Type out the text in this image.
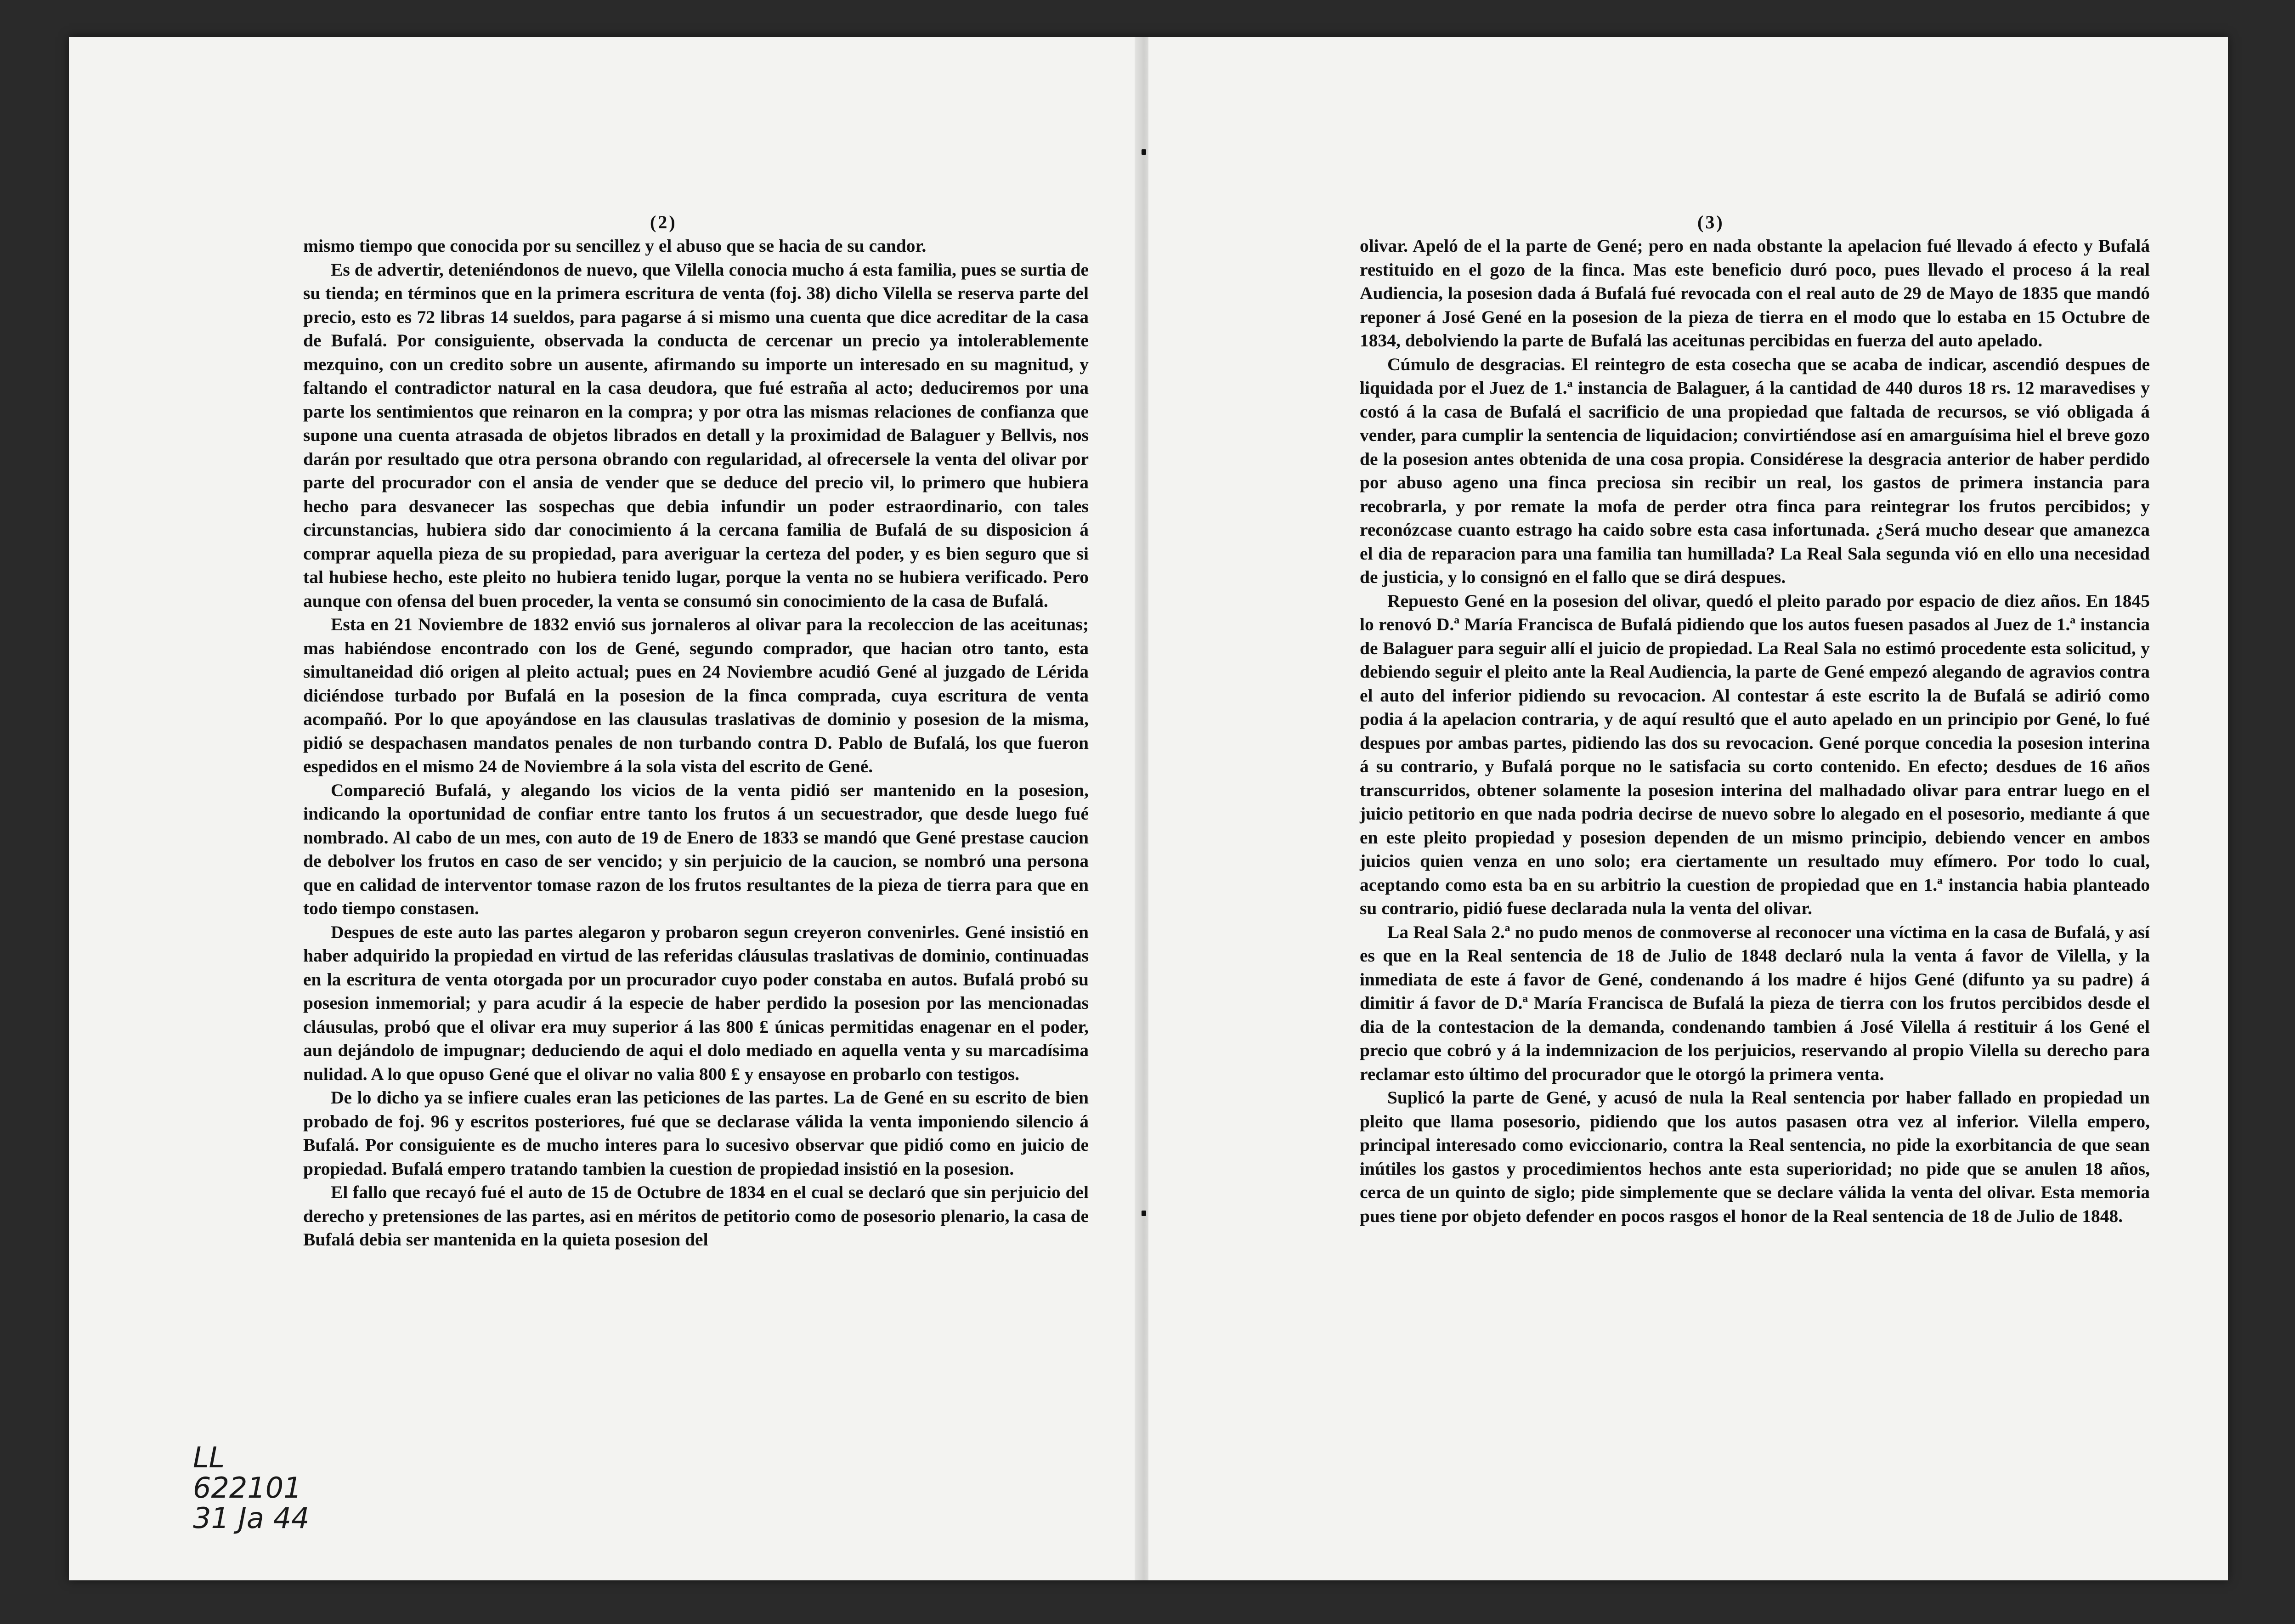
(2)

mismo tiempo que conocida por su sencillez y el abuso que se hacia de su candor.

Es de advertir, deteniéndonos de nuevo, que Vilella conocia mucho á esta familia, pues se surtia de su tienda; en términos que en la primera escritura de venta (foj. 38) dicho Vilella se reserva parte del precio, esto es 72 libras 14 sueldos, para pagarse á si mismo una cuenta que dice acreditar de la casa de Bufalá. Por consiguiente, observada la conducta de cercenar un precio ya intolerablemente mezquino, con un credito sobre un ausente, afirmando su importe un interesado en su magnitud, y faltando el contradictor natural en la casa deudora, que fué estraña al acto; deduciremos por una parte los sentimientos que reinaron en la compra; y por otra las mismas relaciones de confianza que supone una cuenta atrasada de objetos librados en detall y la proximidad de Balaguer y Bellvis, nos darán por resultado que otra persona obrando con regularidad, al ofrecersele la venta del olivar por parte del procurador con el ansia de vender que se deduce del precio vil, lo primero que hubiera hecho para desvanecer las sospechas que debia infundir un poder estraordinario, con tales circunstancias, hubiera sido dar conocimiento á la cercana familia de Bufalá de su disposicion á comprar aquella pieza de su propiedad, para averiguar la certeza del poder, y es bien seguro que si tal hubiese hecho, este pleito no hubiera tenido lugar, porque la venta no se hubiera verificado. Pero aunque con ofensa del buen proceder, la venta se consumó sin conocimiento de la casa de Bufalá.

Esta en 21 Noviembre de 1832 envió sus jornaleros al olivar para la recoleccion de las aceitunas; mas habiéndose encontrado con los de Gené, segundo comprador, que hacian otro tanto, esta simultaneidad dió origen al pleito actual; pues en 24 Noviembre acudió Gené al juzgado de Lérida diciéndose turbado por Bufalá en la posesion de la finca comprada, cuya escritura de venta acompañó. Por lo que apoyándose en las clausulas traslativas de dominio y posesion de la misma, pidió se despachasen mandatos penales de non turbando contra D. Pablo de Bufalá, los que fueron espedidos en el mismo 24 de Noviembre á la sola vista del escrito de Gené.

Compareció Bufalá, y alegando los vicios de la venta pidió ser mantenido en la posesion, indicando la oportunidad de confiar entre tanto los frutos á un secuestrador, que desde luego fué nombrado. Al cabo de un mes, con auto de 19 de Enero de 1833 se mandó que Gené prestase caucion de debolver los frutos en caso de ser vencido; y sin perjuicio de la caucion, se nombró una persona que en calidad de interventor tomase razon de los frutos resultantes de la pieza de tierra para que en todo tiempo constasen.

Despues de este auto las partes alegaron y probaron segun creyeron convenirles. Gené insistió en haber adquirido la propiedad en virtud de las referidas cláusulas traslativas de dominio, continuadas en la escritura de venta otorgada por un procurador cuyo poder constaba en autos. Bufalá probó su posesion inmemorial; y para acudir á la especie de haber perdido la posesion por las mencionadas cláusulas, probó que el olivar era muy superior á las 800 ₤ únicas permitidas enagenar en el poder, aun dejándolo de impugnar; deduciendo de aqui el dolo mediado en aquella venta y su marcadísima nulidad. A lo que opuso Gené que el olivar no valia 800 ₤ y ensayose en probarlo con testigos.

De lo dicho ya se infiere cuales eran las peticiones de las partes. La de Gené en su escrito de bien probado de foj. 96 y escritos posteriores, fué que se declarase válida la venta imponiendo silencio á Bufalá. Por consiguiente es de mucho interes para lo sucesivo observar que pidió como en juicio de propiedad. Bufalá empero tratando tambien la cuestion de propiedad insistió en la posesion.

El fallo que recayó fué el auto de 15 de Octubre de 1834 en el cual se declaró que sin perjuicio del derecho y pretensiones de las partes, asi en méritos de petitorio como de posesorio plenario, la casa de Bufalá debia ser mantenida en la quieta posesion del

LL
622101
31 Ja 44
(3)

olivar. Apeló de el la parte de Gené; pero en nada obstante la apelacion fué llevado á efecto y Bufalá restituido en el gozo de la finca. Mas este beneficio duró poco, pues llevado el proceso á la real Audiencia, la posesion dada á Bufalá fué revocada con el real auto de 29 de Mayo de 1835 que mandó reponer á José Gené en la posesion de la pieza de tierra en el modo que lo estaba en 15 Octubre de 1834, debolviendo la parte de Bufalá las aceitunas percibidas en fuerza del auto apelado.

Cúmulo de desgracias. El reintegro de esta cosecha que se acaba de indicar, ascendió despues de liquidada por el Juez de 1.ª instancia de Balaguer, á la cantidad de 440 duros 18 rs. 12 maravedises y costó á la casa de Bufalá el sacrificio de una propiedad que faltada de recursos, se vió obligada á vender, para cumplir la sentencia de liquidacion; convirtiéndose así en amarguísima hiel el breve gozo de la posesion antes obtenida de una cosa propia. Considérese la desgracia anterior de haber perdido por abuso ageno una finca preciosa sin recibir un real, los gastos de primera instancia para recobrarla, y por remate la mofa de perder otra finca para reintegrar los frutos percibidos; y reconózcase cuanto estrago ha caido sobre esta casa infortunada. ¿Será mucho desear que amanezca el dia de reparacion para una familia tan humillada? La Real Sala segunda vió en ello una necesidad de justicia, y lo consignó en el fallo que se dirá despues.

Repuesto Gené en la posesion del olivar, quedó el pleito parado por espacio de diez años. En 1845 lo renovó D.ª María Francisca de Bufalá pidiendo que los autos fuesen pasados al Juez de 1.ª instancia de Balaguer para seguir allí el juicio de propiedad. La Real Sala no estimó procedente esta solicitud, y debiendo seguir el pleito ante la Real Audiencia, la parte de Gené empezó alegando de agravios contra el auto del inferior pidiendo su revocacion. Al contestar á este escrito la de Bufalá se adirió como podia á la apelacion contraria, y de aquí resultó que el auto apelado en un principio por Gené, lo fué despues por ambas partes, pidiendo las dos su revocacion. Gené porque concedia la posesion interina á su contrario, y Bufalá porque no le satisfacia su corto contenido. En efecto; desdues de 16 años transcurridos, obtener solamente la posesion interina del malhadado olivar para entrar luego en el juicio petitorio en que nada podria decirse de nuevo sobre lo alegado en el posesorio, mediante á que en este pleito propiedad y posesion dependen de un mismo principio, debiendo vencer en ambos juicios quien venza en uno solo; era ciertamente un resultado muy efímero. Por todo lo cual, aceptando como esta ba en su arbitrio la cuestion de propiedad que en 1.ª instancia habia planteado su contrario, pidió fuese declarada nula la venta del olivar.

La Real Sala 2.ª no pudo menos de conmoverse al reconocer una víctima en la casa de Bufalá, y así es que en la Real sentencia de 18 de Julio de 1848 declaró nula la venta á favor de Vilella, y la inmediata de este á favor de Gené, condenando á los madre é hijos Gené (difunto ya su padre) á dimitir á favor de D.ª María Francisca de Bufalá la pieza de tierra con los frutos percibidos desde el dia de la contestacion de la demanda, condenando tambien á José Vilella á restituir á los Gené el precio que cobró y á la indemnizacion de los perjuicios, reservando al propio Vilella su derecho para reclamar esto último del procurador que le otorgó la primera venta.

Suplicó la parte de Gené, y acusó de nula la Real sentencia por haber fallado en propiedad un pleito que llama posesorio, pidiendo que los autos pasasen otra vez al inferior. Vilella empero, principal interesado como eviccionario, contra la Real sentencia, no pide la exorbitancia de que sean inútiles los gastos y procedimientos hechos ante esta superioridad; no pide que se anulen 18 años, cerca de un quinto de siglo; pide simplemente que se declare válida la venta del olivar. Esta memoria pues tiene por objeto defender en pocos rasgos el honor de la Real sentencia de 18 de Julio de 1848.
